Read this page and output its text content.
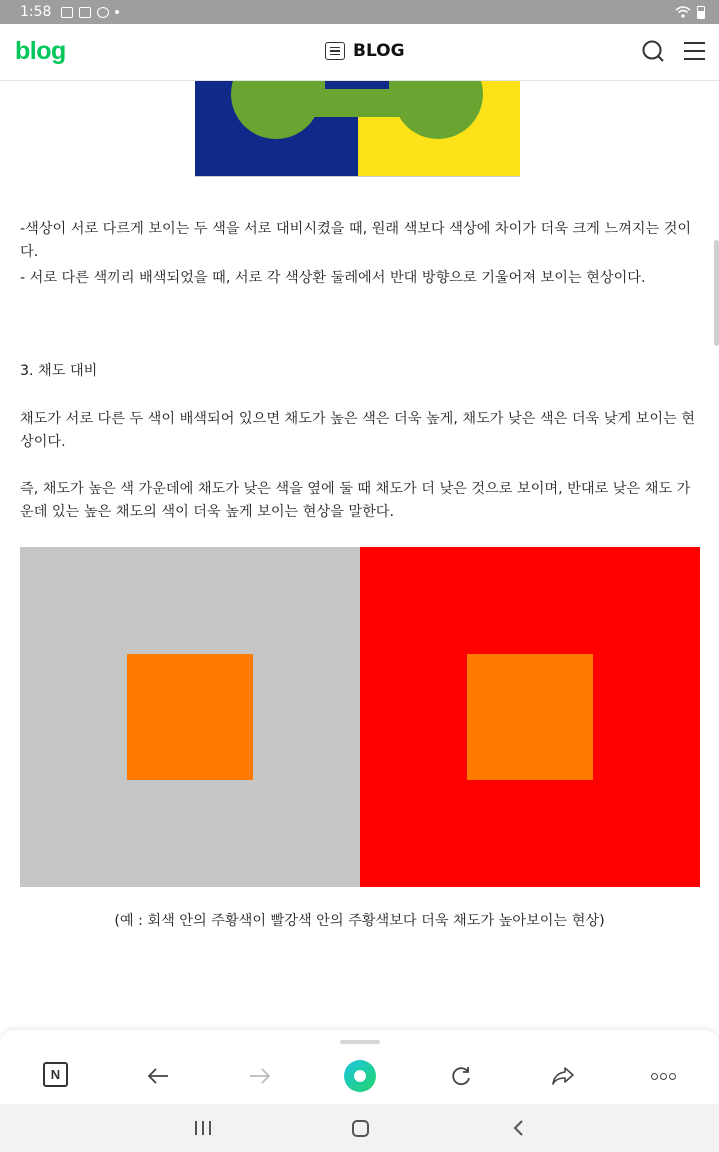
1:58
blog	BLOG

-색상이 서로 다르게 보이는 두 색을 서로 대비시켰을 때, 원래 색보다 색상에 차이가 더욱 크게 느껴지는 것이다.

- 서로 다른 색끼리 배색되었을 때, 서로 각 색상환 둘레에서 반대 방향으로 기울어져 보이는 현상이다.

3. 채도 대비

채도가 서로 다른 두 색이 배색되어 있으면 채도가 높은 색은 더욱 높게, 채도가 낮은 색은 더욱 낮게 보이는 현상이다.

즉, 채도가 높은 색 가운데에 채도가 낮은 색을 옆에 둘 때 채도가 더 낮은 것으로 보이며, 반대로 낮은 채도 가운데 있는 높은 채도의 색이 더욱 높게 보이는 현상을 말한다.

(예 : 회색 안의 주황색이 빨강색 안의 주황색보다 더욱 채도가 높아보이는 현상)

N
